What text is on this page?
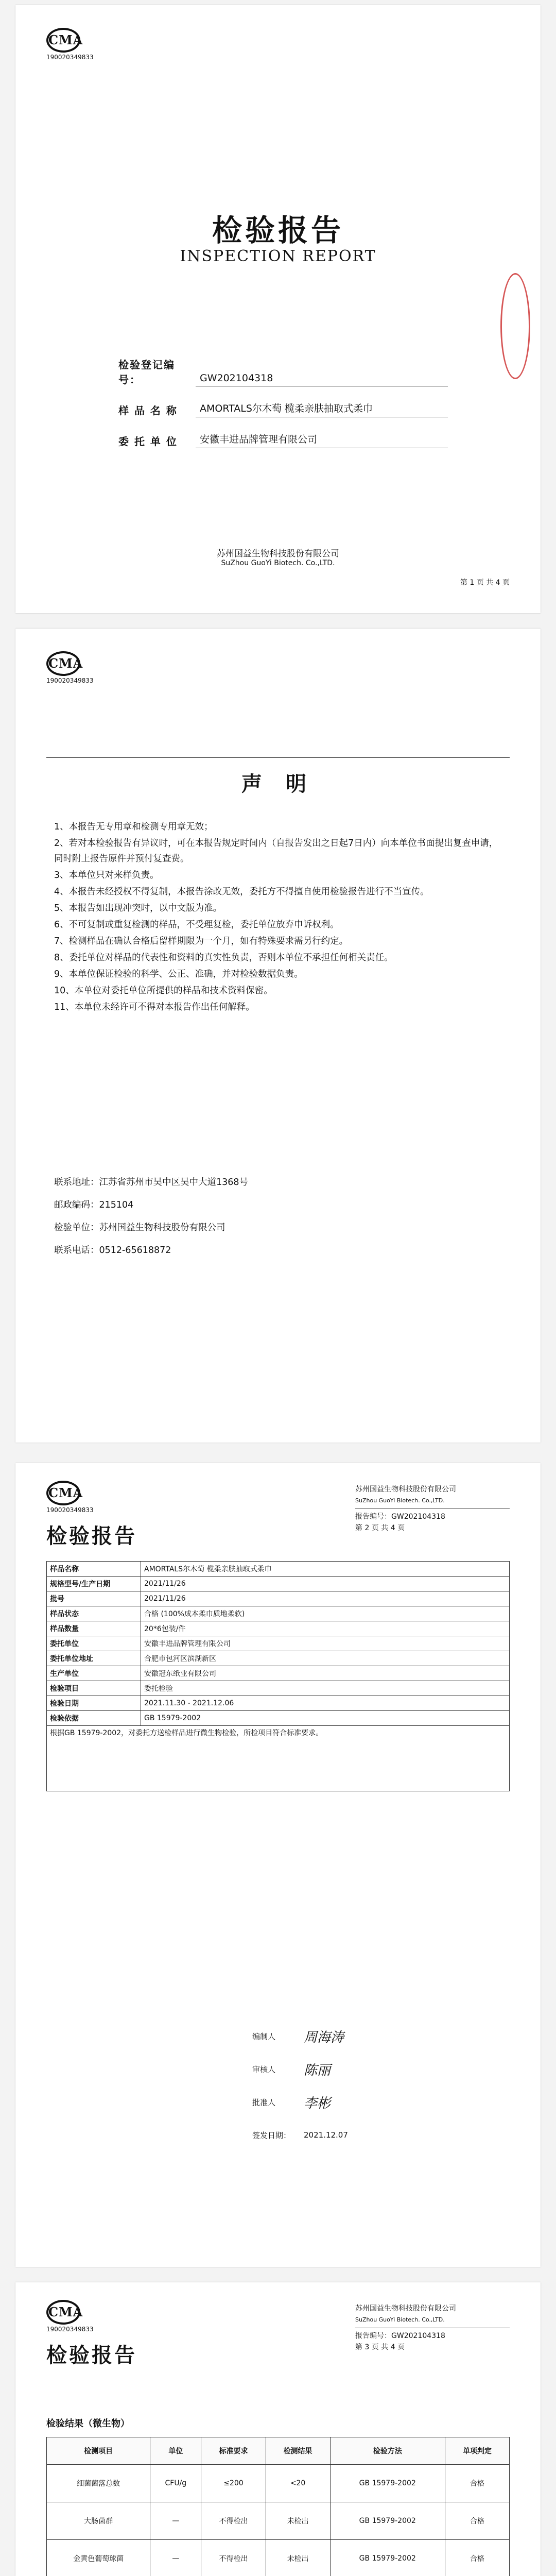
CMA
190020349833
检验报告
INSPECTION REPORT
检验登记编号：	GW202104318
样 品 名 称	AMORTALS尔木萄 榄柔亲肤抽取式柔巾
委 托 单 位	安徽丰进品牌管理有限公司
苏州国益生物科技股份有限公司
SuZhou GuoYi Biotech. Co.,LTD.
第 1 页 共 4 页
CMA
190020349833
声 明

1、本报告无专用章和检测专用章无效；

2、若对本检验报告有异议时，可在本报告规定时间内（自报告发出之日起7日内）向本单位书面提出复查申请，同时附上报告原件并预付复查费。

3、本单位只对来样负责。

4、本报告未经授权不得复制，本报告涂改无效，委托方不得擅自使用检验报告进行不当宣传。

5、本报告如出现冲突时，以中文版为准。

6、不可复制或重复检测的样品，不受理复检，委托单位放弃申诉权利。

7、检测样品在确认合格后留样期限为一个月，如有特殊要求需另行约定。

8、委托单位对样品的代表性和资料的真实性负责，否则本单位不承担任何相关责任。

9、本单位保证检验的科学、公正、准确，并对检验数据负责。

10、本单位对委托单位所提供的样品和技术资料保密。

11、本单位未经许可不得对本报告作出任何解释。

联系地址：江苏省苏州市吴中区吴中大道1368号

邮政编码：215104

检验单位：苏州国益生物科技股份有限公司

联系电话：0512-65618872

CMA
190020349833
检验报告
苏州国益生物科技股份有限公司
SuZhou GuoYi Biotech. Co.,LTD.
报告编号：GW202104318
第 2 页 共 4 页
样品名称	AMORTALS尔木萄 榄柔亲肤抽取式柔巾
规格型号/生产日期	2021/11/26
批号	2021/11/26
样品状态	合格 (100%成本柔巾质地柔软)
样品数量	20*6包装/件
委托单位	安徽丰进品牌管理有限公司
委托单位地址	合肥市包河区滨湖新区
生产单位	安徽冠东纸业有限公司
检验项目	委托检验
检验日期	2021.11.30 - 2021.12.06
检验依据	GB 15979-2002
根据GB 15979-2002，对委托方送检样品进行微生物检验，所检项目符合标准要求。	
编制人	周海涛
审核人	陈丽
批准人	李彬
签发日期：	2021.12.07
CMA
190020349833
检验报告
苏州国益生物科技股份有限公司
SuZhou GuoYi Biotech. Co.,LTD.
报告编号：GW202104318
第 3 页 共 4 页
检验结果（微生物）
检测项目	单位	标准要求	检测结果	检验方法	单项判定
细菌菌落总数	CFU/g	≤200	<20	GB 15979-2002	合格
大肠菌群	—	不得检出	未检出	GB 15979-2002	合格
金黄色葡萄球菌	—	不得检出	未检出	GB 15979-2002	合格
